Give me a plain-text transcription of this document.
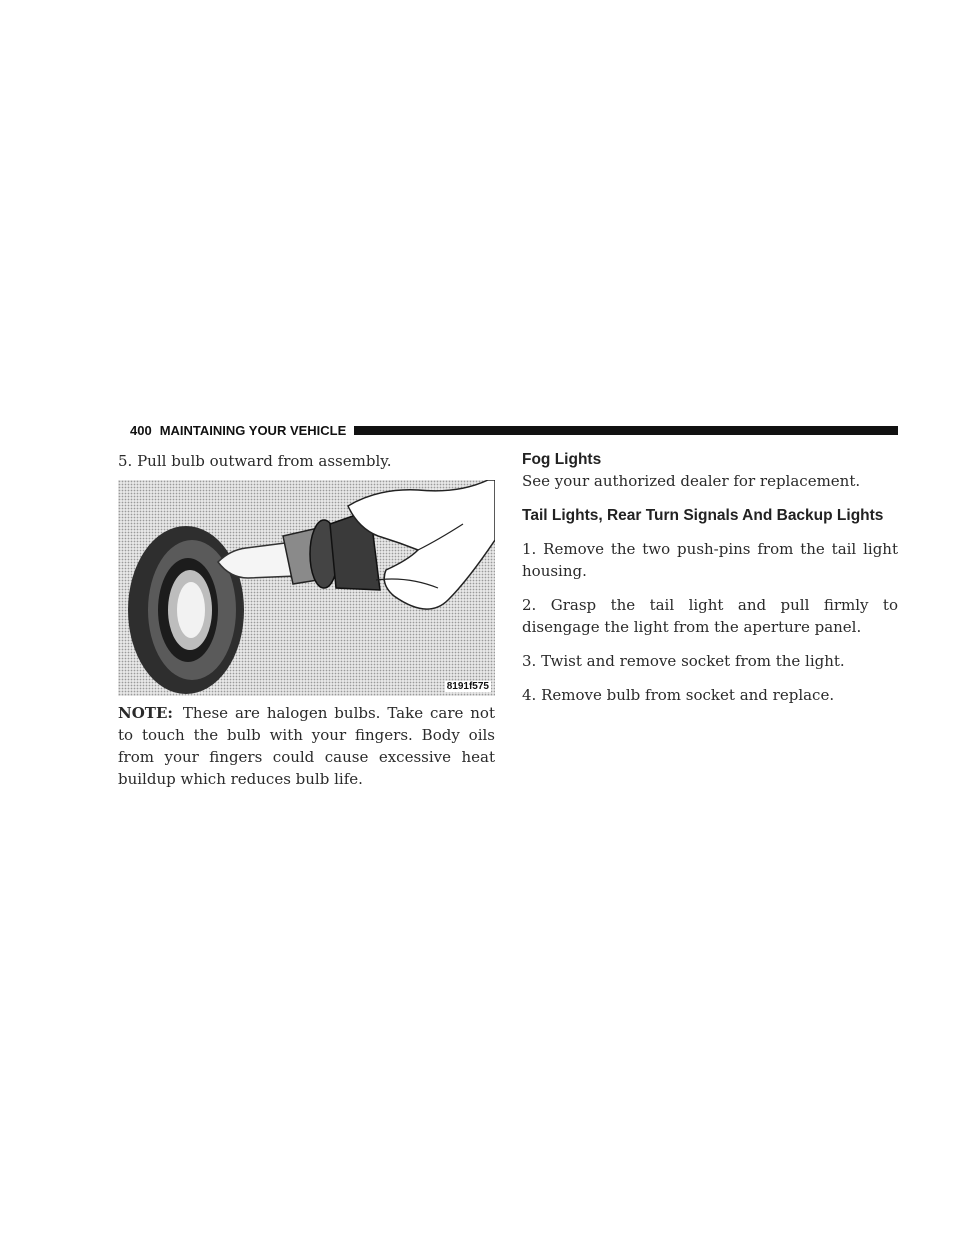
400 MAINTAINING YOUR VEHICLE

5. Pull bulb outward from assembly.

8191f575

NOTE: These are halogen bulbs. Take care not to touch the bulb with your fingers. Body oils from your fingers could cause excessive heat buildup which reduces bulb life.

Fog Lights

See your authorized dealer for replacement.

Tail Lights, Rear Turn Signals And Backup Lights

1. Remove the two push-pins from the tail light housing.

2. Grasp the tail light and pull firmly to disengage the light from the aperture panel.

3. Twist and remove socket from the light.

4. Remove bulb from socket and replace.
